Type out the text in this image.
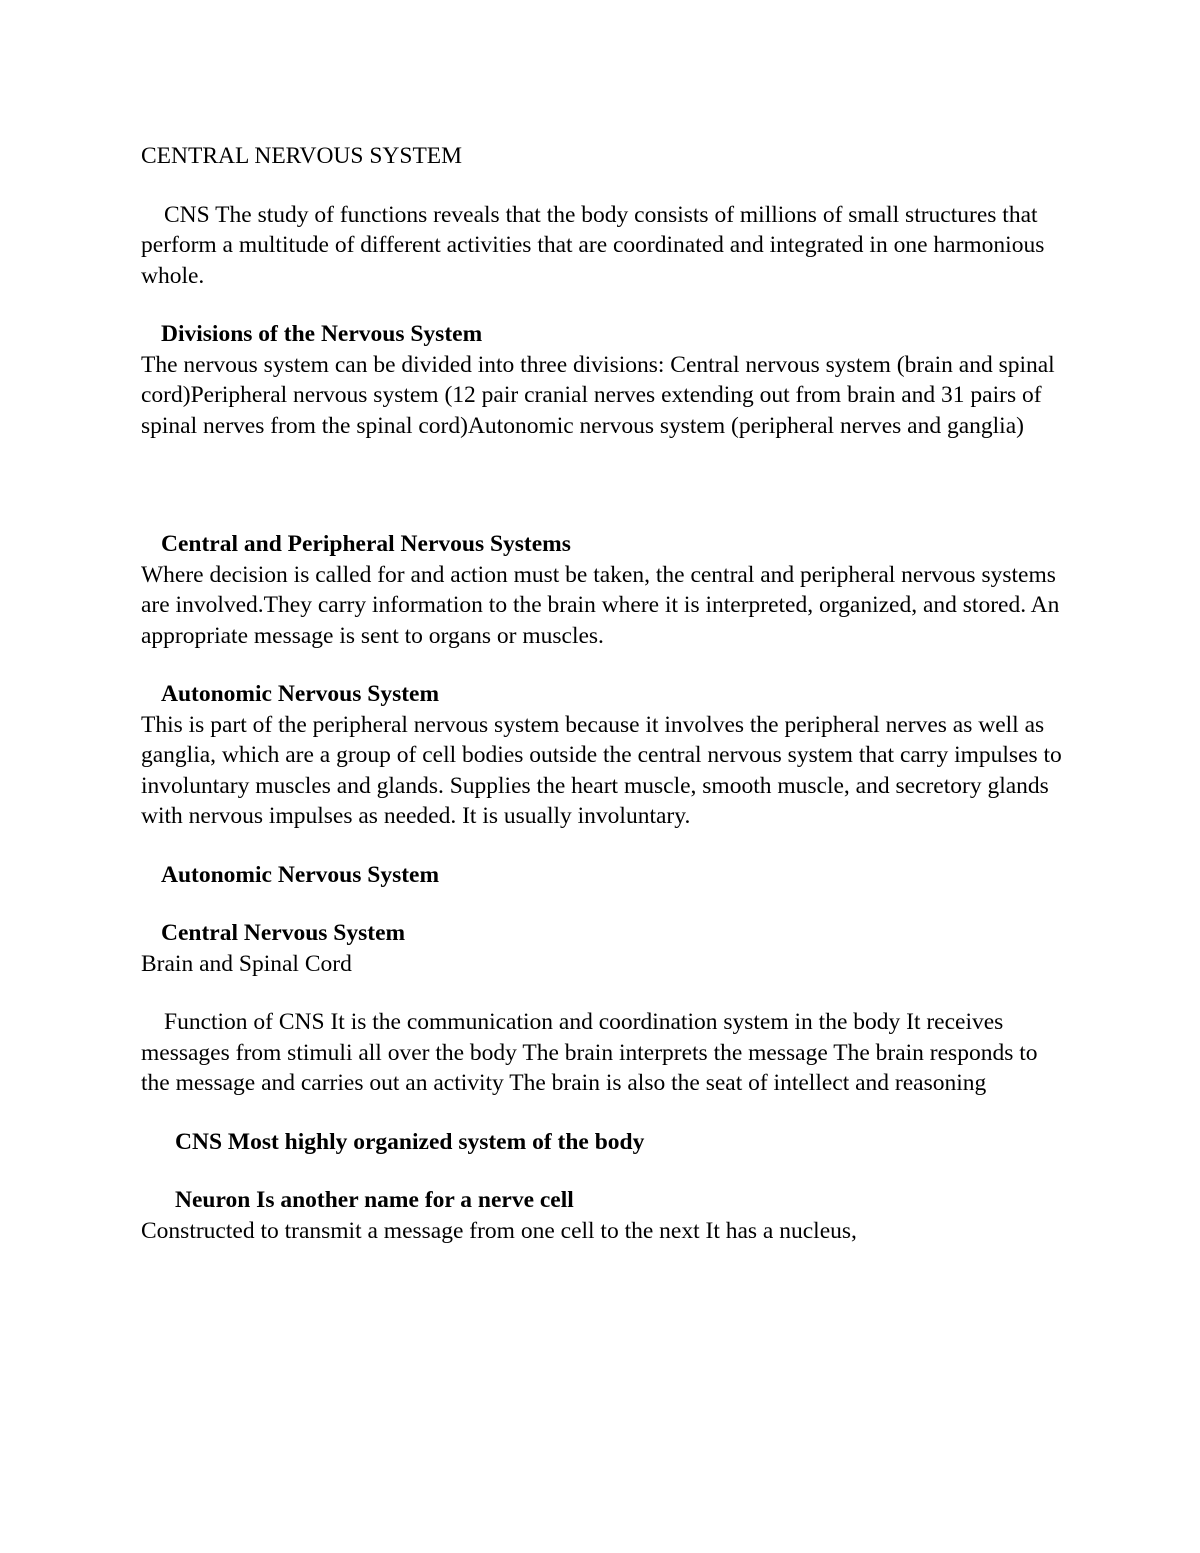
CENTRAL NERVOUS SYSTEM

CNS The study of functions reveals that the body consists of millions of small structures that perform a multitude of different activities that are coordinated and integrated in one harmonious whole.

Divisions of the Nervous System

The nervous system can be divided into three divisions: Central nervous system (brain and spinal cord)Peripheral nervous system (12 pair cranial nerves extending out from brain and 31 pairs of spinal nerves from the spinal cord)Autonomic nervous system (peripheral nerves and ganglia)

Central and Peripheral Nervous Systems

Where decision is called for and action must be taken, the central and peripheral nervous systems are involved.They carry information to the brain where it is interpreted, organized, and stored. An appropriate message is sent to organs or muscles.

Autonomic Nervous System

This is part of the peripheral nervous system because it involves the peripheral nerves as well as ganglia, which are a group of cell bodies outside the central nervous system that carry impulses to involuntary muscles and glands. Supplies the heart muscle, smooth muscle, and secretory glands with nervous impulses as needed. It is usually involuntary.

Autonomic Nervous System

Central Nervous System

Brain and Spinal Cord

Function of CNS It is the communication and coordination system in the body It receives messages from stimuli all over the body The brain interprets the message The brain responds to the message and carries out an activity The brain is also the seat of intellect and reasoning

CNS Most highly organized system of the body

Neuron Is another name for a nerve cell

Constructed to transmit a message from one cell to the next It has a nucleus,
